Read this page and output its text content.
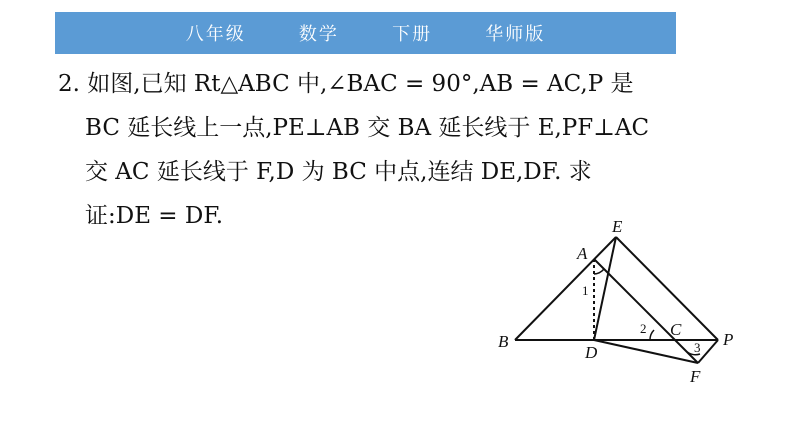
八年级   数学   下册   华师版
2. 如图,已知 Rt△ABC 中,∠BAC = 90°,AB = AC,P 是
BC 延长线上一点,PE⊥AB 交 BA 延长线于 E,PF⊥AC
交 AC 延长线于 F,D 为 BC 中点,连结 DE,DF. 求
证:DE = DF.
A
B
C
D
E
F
P
1
2
3
